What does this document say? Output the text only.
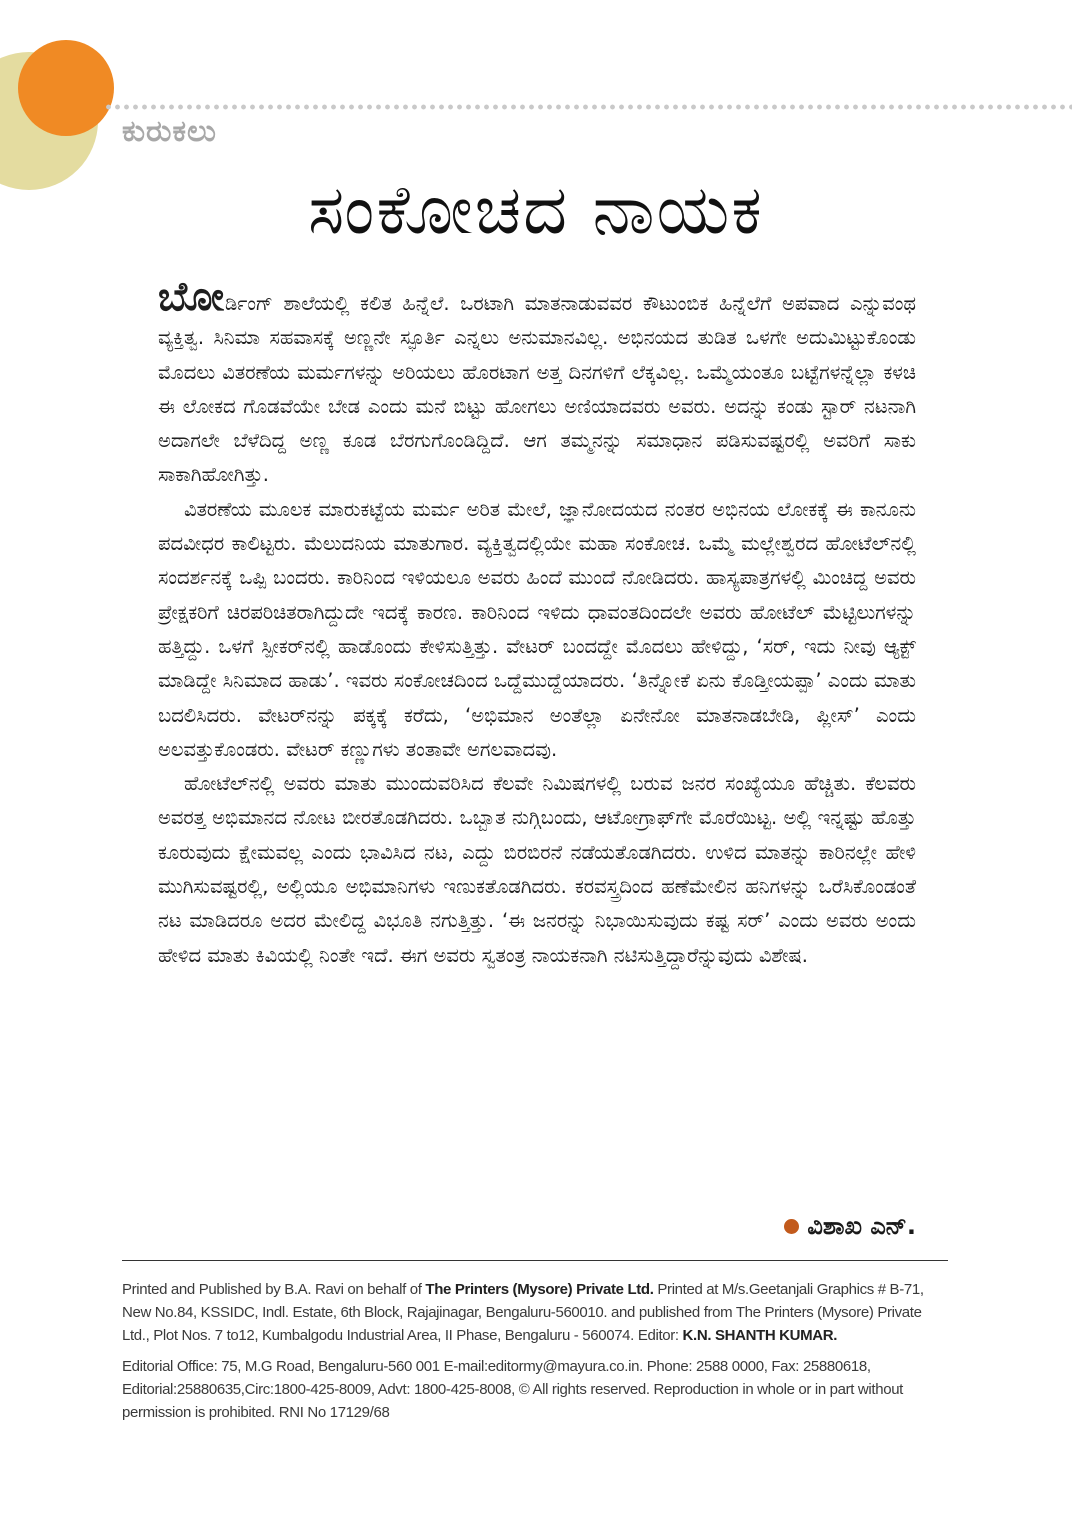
ಕುರುಕಲು
ಸಂಕೋಚದ ನಾಯಕ

ಬೋರ್ಡಿಂಗ್ ಶಾಲೆಯಲ್ಲಿ ಕಲಿತ ಹಿನ್ನೆಲೆ. ಒರಟಾಗಿ ಮಾತನಾಡುವವರ ಕೌಟುಂಬಿಕ ಹಿನ್ನೆಲೆಗೆ ಅಪವಾದ ಎನ್ನುವಂಥ ವ್ಯಕ್ತಿತ್ವ. ಸಿನಿಮಾ ಸಹವಾಸಕ್ಕೆ ಅಣ್ಣನೇ ಸ್ಫೂರ್ತಿ ಎನ್ನಲು ಅನುಮಾನವಿಲ್ಲ. ಅಭಿನಯದ ತುಡಿತ ಒಳಗೇ ಅದುಮಿಟ್ಟುಕೊಂಡು ಮೊದಲು ವಿತರಣೆಯ ಮರ್ಮಗಳನ್ನು ಅರಿಯಲು ಹೊರಟಾಗ ಅತ್ತ ದಿನಗಳಿಗೆ ಲೆಕ್ಕವಿಲ್ಲ. ಒಮ್ಮೆಯಂತೂ ಬಟ್ಟೆಗಳನ್ನೆಲ್ಲಾ ಕಳಚಿ ಈ ಲೋಕದ ಗೊಡವೆಯೇ ಬೇಡ ಎಂದು ಮನೆ ಬಿಟ್ಟು ಹೋಗಲು ಅಣಿಯಾದವರು ಅವರು. ಅದನ್ನು ಕಂಡು ಸ್ಟಾರ್ ನಟನಾಗಿ ಅದಾಗಲೇ ಬೆಳೆದಿದ್ದ ಅಣ್ಣ ಕೂಡ ಬೆರಗುಗೊಂಡಿದ್ದಿದೆ. ಆಗ ತಮ್ಮನನ್ನು ಸಮಾಧಾನ ಪಡಿಸುವಷ್ಟರಲ್ಲಿ ಅವರಿಗೆ ಸಾಕು ಸಾಕಾಗಿಹೋಗಿತ್ತು.

ವಿತರಣೆಯ ಮೂಲಕ ಮಾರುಕಟ್ಟೆಯ ಮರ್ಮ ಅರಿತ ಮೇಲೆ, ಜ್ಞಾನೋದಯದ ನಂತರ ಅಭಿನಯ ಲೋಕಕ್ಕೆ ಈ ಕಾನೂನು ಪದವೀಧರ ಕಾಲಿಟ್ಟರು. ಮೆಲುದನಿಯ ಮಾತುಗಾರ. ವ್ಯಕ್ತಿತ್ವದಲ್ಲಿಯೇ ಮಹಾ ಸಂಕೋಚ. ಒಮ್ಮೆ ಮಲ್ಲೇಶ್ವರದ ಹೋಟೆಲ್‌ನಲ್ಲಿ ಸಂದರ್ಶನಕ್ಕೆ ಒಪ್ಪಿ ಬಂದರು. ಕಾರಿನಿಂದ ಇಳಿಯಲೂ ಅವರು ಹಿಂದೆ ಮುಂದೆ ನೋಡಿದರು. ಹಾಸ್ಯಪಾತ್ರಗಳಲ್ಲಿ ಮಿಂಚಿದ್ದ ಅವರು ಪ್ರೇಕ್ಷಕರಿಗೆ ಚಿರಪರಿಚಿತರಾಗಿದ್ದುದೇ ಇದಕ್ಕೆ ಕಾರಣ. ಕಾರಿನಿಂದ ಇಳಿದು ಧಾವಂತದಿಂದಲೇ ಅವರು ಹೋಟೆಲ್ ಮೆಟ್ಟಿಲುಗಳನ್ನು ಹತ್ತಿದ್ದು. ಒಳಗೆ ಸ್ಪೀಕರ್‌ನಲ್ಲಿ ಹಾಡೊಂದು ಕೇಳಿಸುತ್ತಿತ್ತು. ವೇಟರ್ ಬಂದದ್ದೇ ಮೊದಲು ಹೇಳಿದ್ದು, ‘ಸರ್, ಇದು ನೀವು ಆ್ಯಕ್ಟ್ ಮಾಡಿದ್ದೇ ಸಿನಿಮಾದ ಹಾಡು’. ಇವರು ಸಂಕೋಚದಿಂದ ಒದ್ದೆಮುದ್ದೆಯಾದರು. ‘ತಿನ್ನೋಕೆ ಏನು ಕೊಡ್ತೀಯಪ್ಪಾ’ ಎಂದು ಮಾತು ಬದಲಿಸಿದರು. ವೇಟರ್‌ನನ್ನು ಪಕ್ಕಕ್ಕೆ ಕರೆದು, ‘ಅಭಿಮಾನ ಅಂತೆಲ್ಲಾ ಏನೇನೋ ಮಾತನಾಡಬೇಡಿ, ಪ್ಲೀಸ್’ ಎಂದು ಅಲವತ್ತುಕೊಂಡರು. ವೇಟರ್ ಕಣ್ಣುಗಳು ತಂತಾವೇ ಅಗಲವಾದವು.

ಹೋಟೆಲ್‌ನಲ್ಲಿ ಅವರು ಮಾತು ಮುಂದುವರಿಸಿದ ಕೆಲವೇ ನಿಮಿಷಗಳಲ್ಲಿ ಬರುವ ಜನರ ಸಂಖ್ಯೆಯೂ ಹೆಚ್ಚಿತು. ಕೆಲವರು ಅವರತ್ತ ಅಭಿಮಾನದ ನೋಟ ಬೀರತೊಡಗಿದರು. ಒಬ್ಬಾತ ನುಗ್ಗಿಬಂದು, ಆಟೋಗ್ರಾಫ್‌ಗೇ ಮೊರೆಯಿಟ್ಟ. ಅಲ್ಲಿ ಇನ್ನಷ್ಟು ಹೊತ್ತು ಕೂರುವುದು ಕ್ಷೇಮವಲ್ಲ ಎಂದು ಭಾವಿಸಿದ ನಟ, ಎದ್ದು ಬಿರಬಿರನೆ ನಡೆಯತೊಡಗಿದರು. ಉಳಿದ ಮಾತನ್ನು ಕಾರಿನಲ್ಲೇ ಹೇಳಿ ಮುಗಿಸುವಷ್ಟರಲ್ಲಿ, ಅಲ್ಲಿಯೂ ಅಭಿಮಾನಿಗಳು ಇಣುಕತೊಡಗಿದರು. ಕರವಸ್ತ್ರದಿಂದ ಹಣೆಮೇಲಿನ ಹನಿಗಳನ್ನು ಒರೆಸಿಕೊಂಡಂತೆ ನಟ ಮಾಡಿದರೂ ಅದರ ಮೇಲಿದ್ದ ವಿಭೂತಿ ನಗುತ್ತಿತ್ತು. ‘ಈ ಜನರನ್ನು ನಿಭಾಯಿಸುವುದು ಕಷ್ಟ ಸರ್’ ಎಂದು ಅವರು ಅಂದು ಹೇಳಿದ ಮಾತು ಕಿವಿಯಲ್ಲಿ ನಿಂತೇ ಇದೆ. ಈಗ ಅವರು ಸ್ವತಂತ್ರ ನಾಯಕನಾಗಿ ನಟಿಸುತ್ತಿದ್ದಾರೆನ್ನುವುದು ವಿಶೇಷ.

ವಿಶಾಖ ಎನ್.
Printed and Published by B.A. Ravi on behalf of The Printers (Mysore) Private Ltd. Printed at M/s.Geetanjali Graphics # B-71, New No.84, KSSIDC, Indl. Estate, 6th Block, Rajajinagar, Bengaluru-560010. and published from The Printers (Mysore) Private Ltd., Plot Nos. 7 to12, Kumbalgodu Industrial Area, II Phase, Bengaluru - 560074. Editor: K.N. SHANTH KUMAR.
Editorial Office: 75, M.G Road, Bengaluru-560 001 E-mail:editormy@mayura.co.in. Phone: 2588 0000, Fax: 25880618, Editorial:25880635,Circ:1800-425-8009, Advt: 1800-425-8008, © All rights reserved. Reproduction in whole or in part without permission is prohibited. RNI No 17129/68
